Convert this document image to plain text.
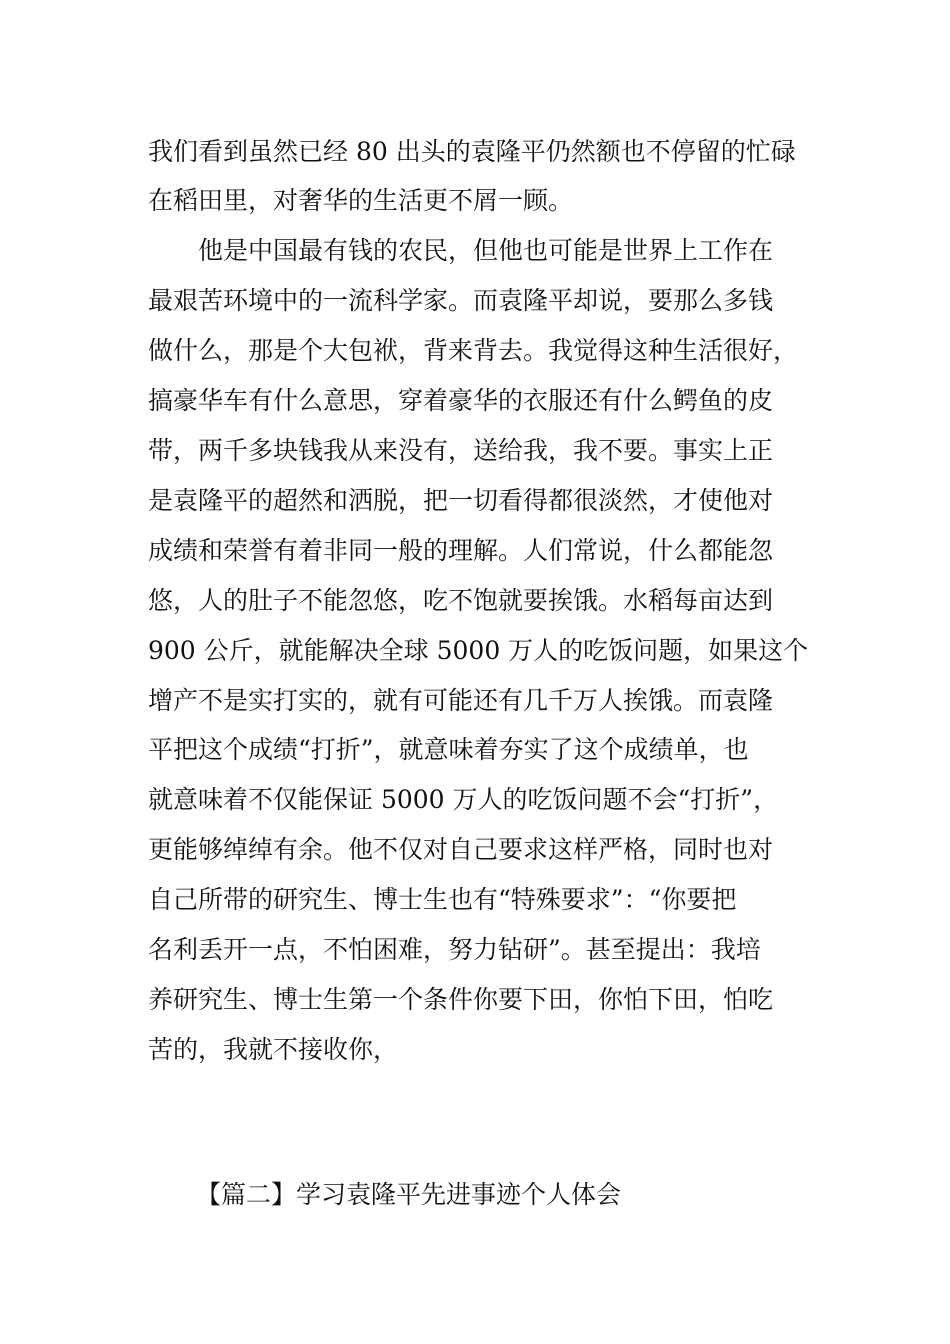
我们看到虽然已经 80 出头的袁隆平仍然额也不停留的忙碌
在稻田里，对奢华的生活更不屑一顾。
　　他是中国最有钱的农民，但他也可能是世界上工作在
最艰苦环境中的一流科学家。而袁隆平却说，要那么多钱
做什么，那是个大包袱，背来背去。我觉得这种生活很好，
搞豪华车有什么意思，穿着豪华的衣服还有什么鳄鱼的皮
带，两千多块钱我从来没有，送给我，我不要。事实上正
是袁隆平的超然和洒脱，把一切看得都很淡然，才使他对
成绩和荣誉有着非同一般的理解。人们常说，什么都能忽
悠，人的肚子不能忽悠，吃不饱就要挨饿。水稻每亩达到
900 公斤，就能解决全球 5000 万人的吃饭问题，如果这个
增产不是实打实的，就有可能还有几千万人挨饿。而袁隆
平把这个成绩“打折”，就意味着夯实了这个成绩单，也
就意味着不仅能保证 5000 万人的吃饭问题不会“打折”，
更能够绰绰有余。他不仅对自己要求这样严格，同时也对
自己所带的研究生、博士生也有“特殊要求”：“你要把
名利丢开一点，不怕困难，努力钻研”。甚至提出：我培
养研究生、博士生第一个条件你要下田，你怕下田，怕吃
苦的，我就不接收你，
【篇二】学习袁隆平先进事迹个人体会
